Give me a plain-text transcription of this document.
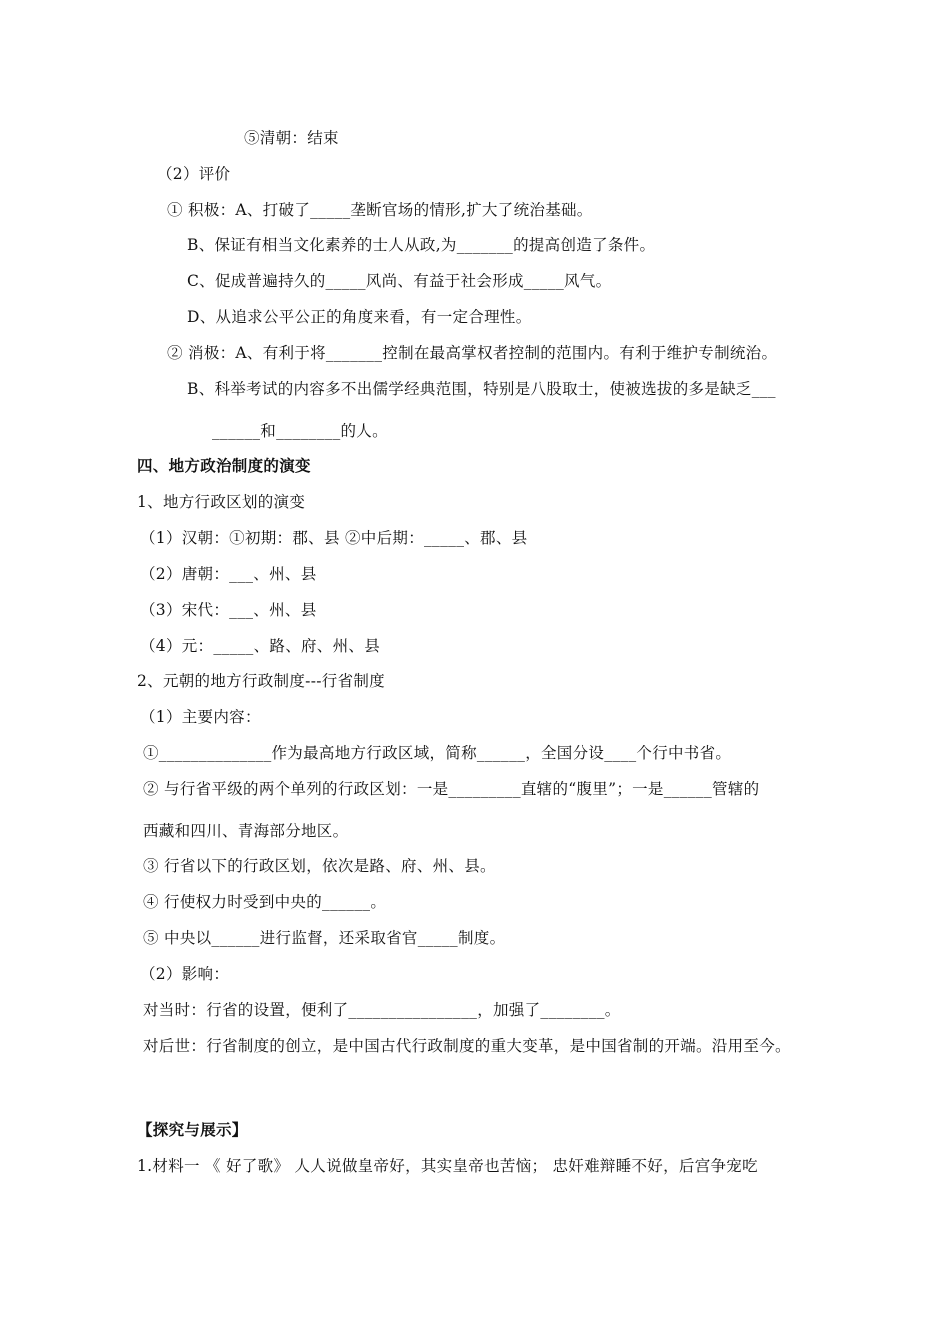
⑤清朝：结束
（2）评价
① 积极：A、打破了_____垄断官场的情形,扩大了统治基础。
B、保证有相当文化素养的士人从政,为_______的提高创造了条件。
C、促成普遍持久的_____风尚、有益于社会形成_____风气。
D、从追求公平公正的角度来看，有一定合理性。
② 消极：A、有利于将_______控制在最高掌权者控制的范围内。有利于维护专制统治。
B、科举考试的内容多不出儒学经典范围，特别是八股取士，使被选拔的多是缺乏___
______和________的人。
四、地方政治制度的演变
1、地方行政区划的演变
（1）汉朝：①初期：郡、县 ②中后期：_____、郡、县
（2）唐朝：___、州、县
（3）宋代：___、州、县
（4）元：_____、路、府、州、县
2、元朝的地方行政制度---行省制度
（1）主要内容：
①______________作为最高地方行政区域，简称______，全国分设____个行中书省。
② 与行省平级的两个单列的行政区划：一是_________直辖的“腹里”；一是______管辖的
西藏和四川、青海部分地区。
③ 行省以下的行政区划，依次是路、府、州、县。
④ 行使权力时受到中央的______。
⑤ 中央以______进行监督，还采取省官_____制度。
（2）影响：
对当时：行省的设置，便利了________________，加强了________。
对后世：行省制度的创立，是中国古代行政制度的重大变革，是中国省制的开端。沿用至今。
【探究与展示】
1.材料一 《 好了歌》 人人说做皇帝好，其实皇帝也苦恼； 忠奸难辩睡不好，后宫争宠吃
